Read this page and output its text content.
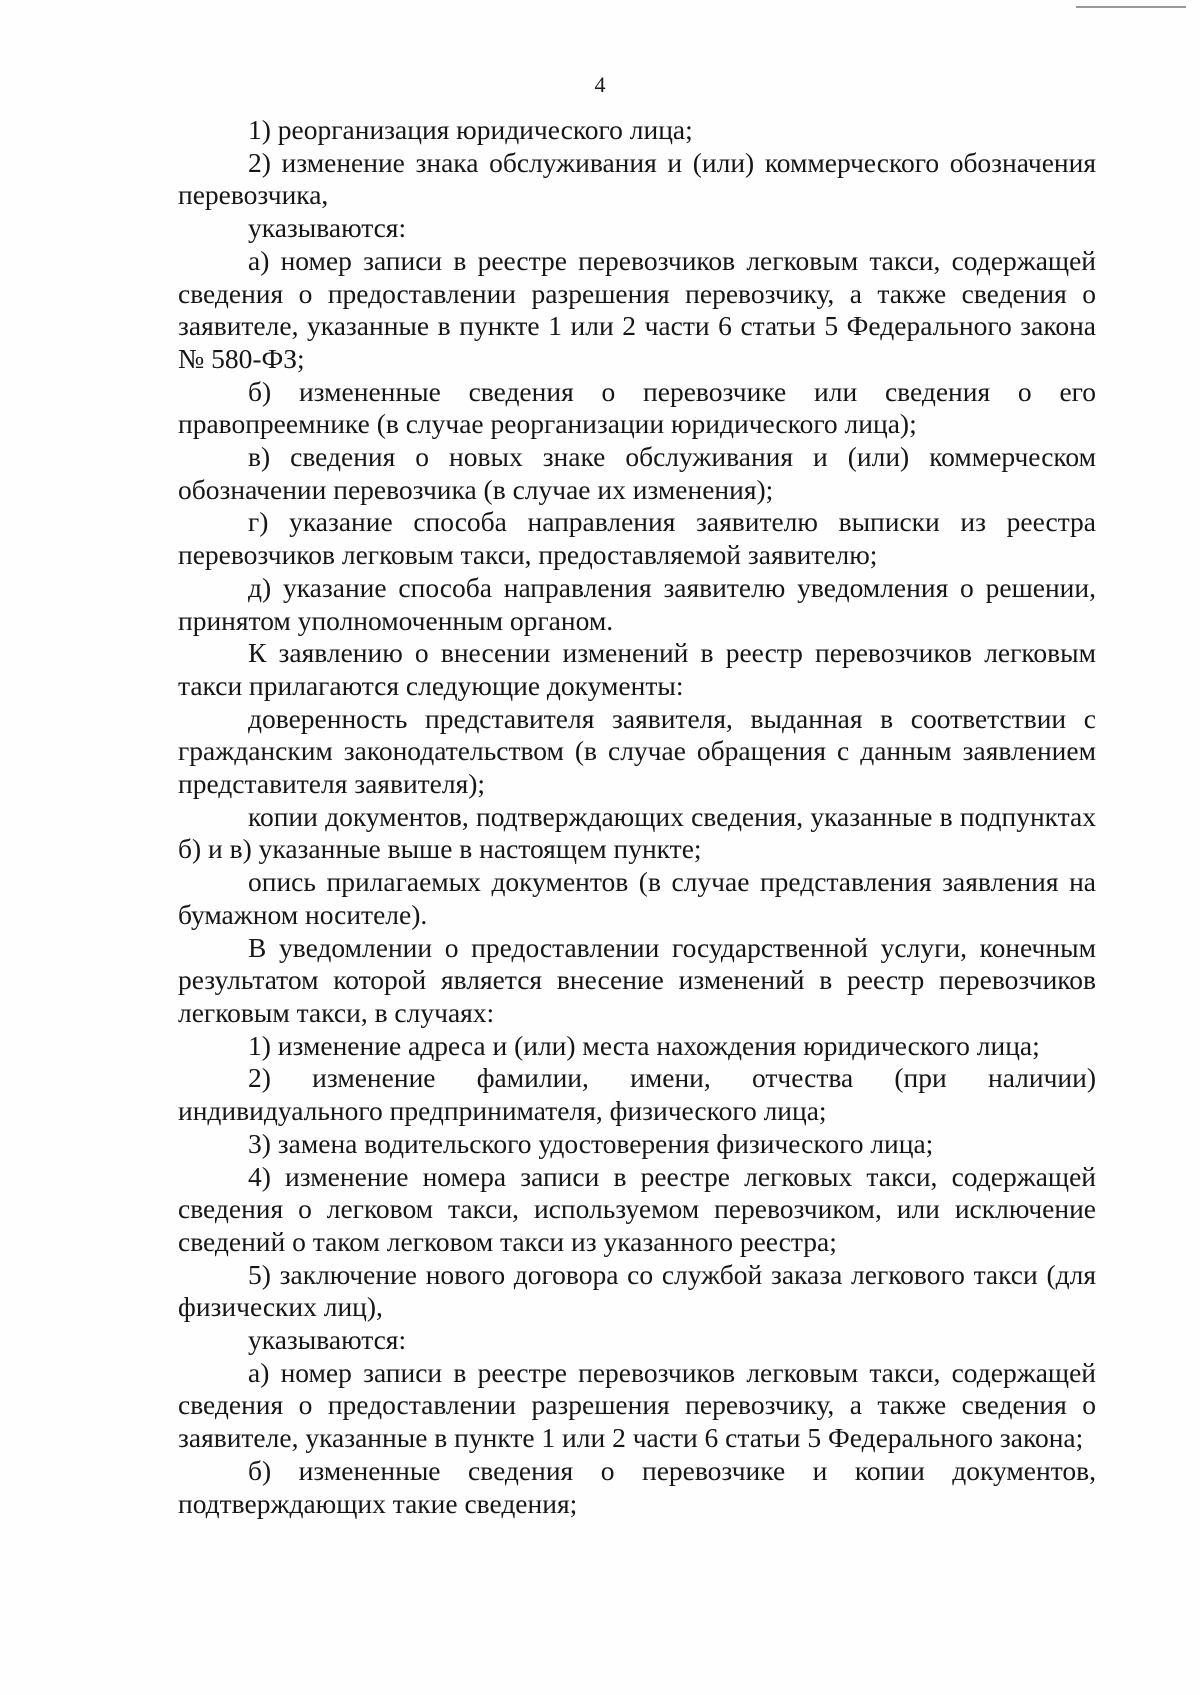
4

1) реорганизация юридического лица;

2) изменение знака обслуживания и (или) коммерческого обозначения перевозчика,

указываются:

а) номер записи в реестре перевозчиков легковым такси, содержащей сведения о предоставлении разрешения перевозчику, а также сведения о заявителе, указанные в пункте 1 или 2 части 6 статьи 5 Федерального закона № 580-ФЗ;

б) измененные сведения о перевозчике или сведения о его правопреемнике (в случае реорганизации юридического лица);

в) сведения о новых знаке обслуживания и (или) коммерческом обозначении перевозчика (в случае их изменения);

г) указание способа направления заявителю выписки из реестра перевозчиков легковым такси, предоставляемой заявителю;

д) указание способа направления заявителю уведомления о решении, принятом уполномоченным органом.

К заявлению о внесении изменений в реестр перевозчиков легковым такси прилагаются следующие документы:

доверенность представителя заявителя, выданная в соответствии с гражданским законодательством (в случае обращения с данным заявлением представителя заявителя);

копии документов, подтверждающих сведения, указанные в подпунктах б) и в) указанные выше в настоящем пункте;

опись прилагаемых документов (в случае представления заявления на бумажном носителе).

В уведомлении о предоставлении государственной услуги, конечным результатом которой является внесение изменений в реестр перевозчиков легковым такси, в случаях:

1) изменение адреса и (или) места нахождения юридического лица;

2) изменение фамилии, имени, отчества (при наличии) индивидуального предпринимателя, физического лица;

3) замена водительского удостоверения физического лица;

4) изменение номера записи в реестре легковых такси, содержащей сведения о легковом такси, используемом перевозчиком, или исключение сведений о таком легковом такси из указанного реестра;

5) заключение нового договора со службой заказа легкового такси (для физических лиц),

указываются:

а) номер записи в реестре перевозчиков легковым такси, содержащей сведения о предоставлении разрешения перевозчику, а также сведения о заявителе, указанные в пункте 1 или 2 части 6 статьи 5 Федерального закона;

б) измененные сведения о перевозчике и копии документов, подтверждающих такие сведения;
